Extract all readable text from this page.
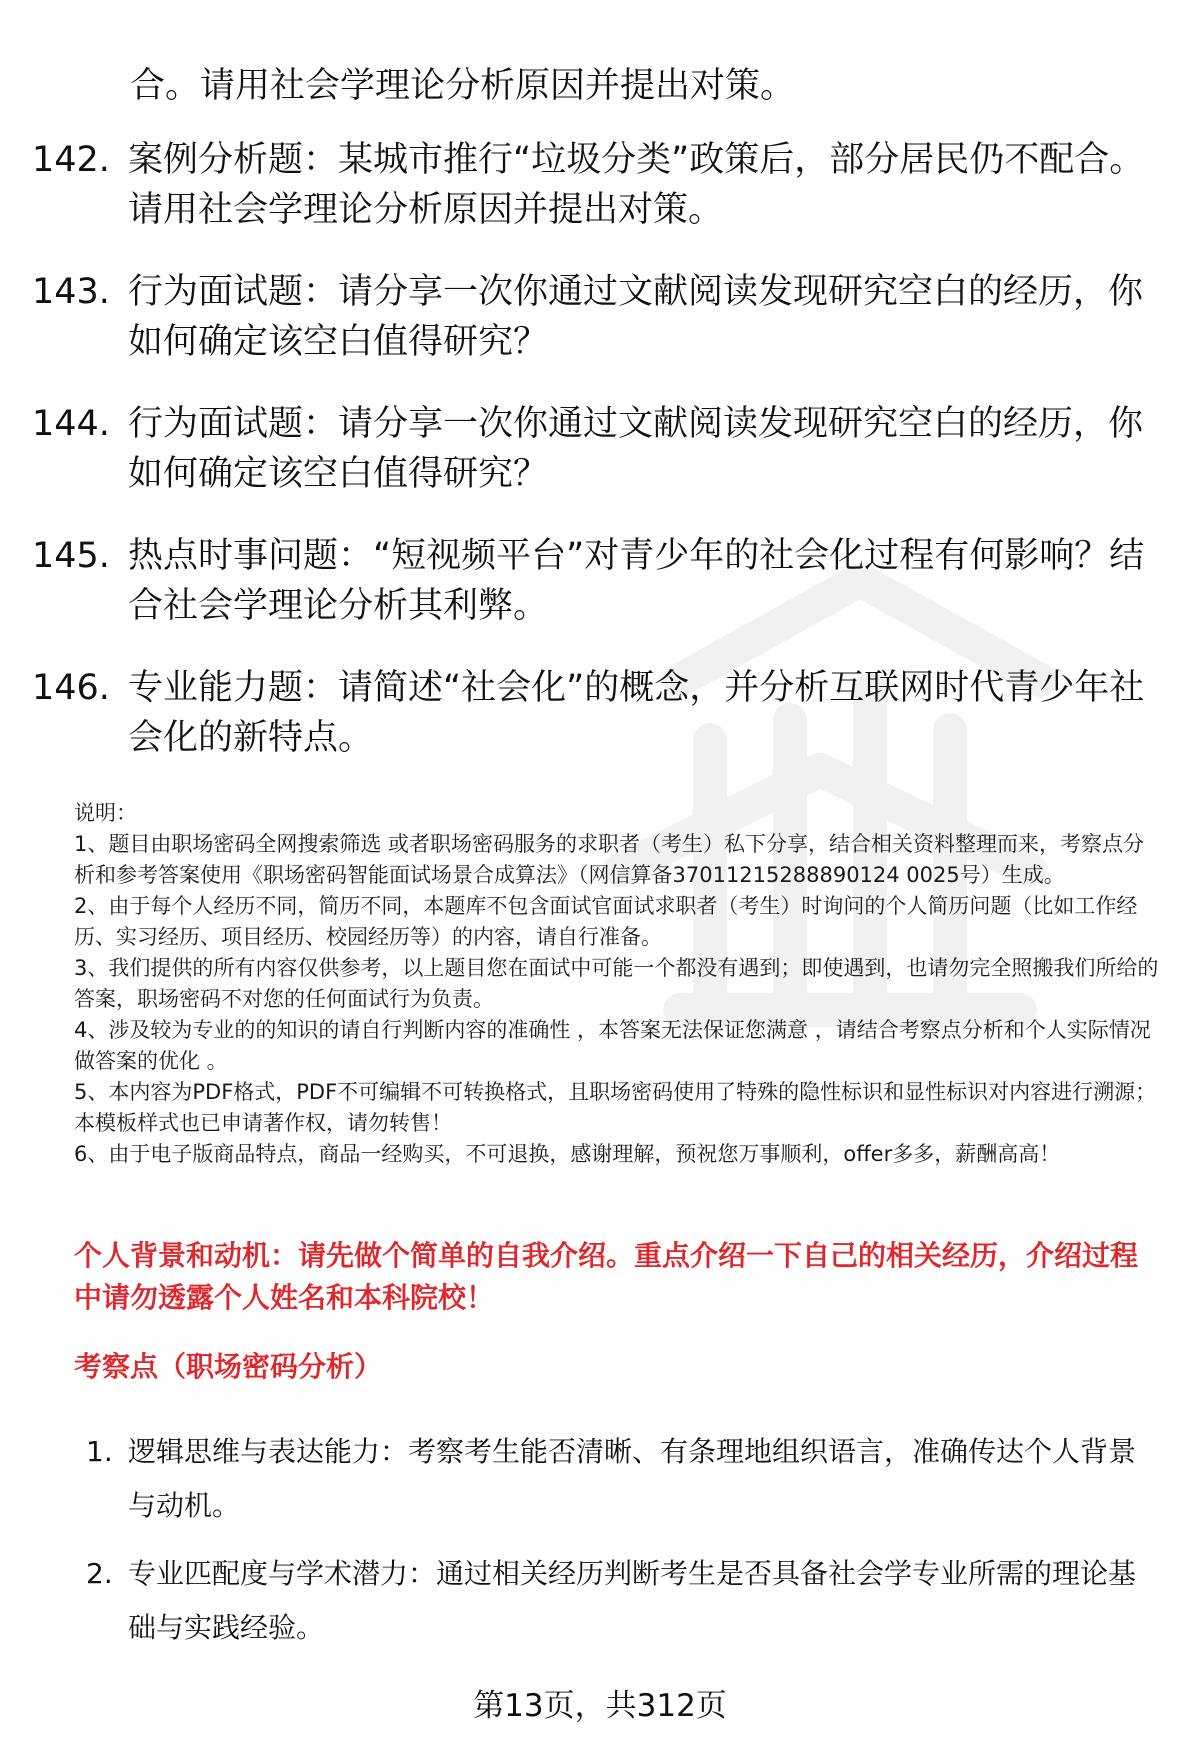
合。请用社会学理论分析原因并提出对策。

142. 案例分析题：某城市推行“垃圾分类”政策后，部分居民仍不配合。请用社会学理论分析原因并提出对策。

143. 行为面试题：请分享一次你通过文献阅读发现研究空白的经历，你如何确定该空白值得研究？

144. 行为面试题：请分享一次你通过文献阅读发现研究空白的经历，你如何确定该空白值得研究？

145. 热点时事问题：“短视频平台”对青少年的社会化过程有何影响？结合社会学理论分析其利弊。

146. 专业能力题：请简述“社会化”的概念，并分析互联网时代青少年社会化的新特点。

说明：

1、题目由职场密码全网搜索筛选 或者职场密码服务的求职者（考生）私下分享，结合相关资料整理而来，考察点分析和参考答案使用《职场密码智能面试场景合成算法》（网信算备37011215288890124 0025号）生成。

2、由于每个人经历不同，简历不同，本题库不包含面试官面试求职者（考生）时询问的个人简历问题（比如工作经历、实习经历、项目经历、校园经历等）的内容，请自行准备。

3、我们提供的所有内容仅供参考，以上题目您在面试中可能一个都没有遇到；即使遇到，也请勿完全照搬我们所给的答案，职场密码不对您的任何面试行为负责。

4、涉及较为专业的的知识的请自行判断内容的准确性 ，本答案无法保证您满意 ，请结合考察点分析和个人实际情况做答案的优化 。

5、本内容为PDF格式，PDF不可编辑不可转换格式，且职场密码使用了特殊的隐性标识和显性标识对内容进行溯源；本模板样式也已申请著作权，请勿转售！

6、由于电子版商品特点，商品一经购买，不可退换，感谢理解，预祝您万事顺利，offer多多，薪酬高高！

个人背景和动机：请先做个简单的自我介绍。重点介绍一下自己的相关经历，介绍过程中请勿透露个人姓名和本科院校！

考察点（职场密码分析）

1. 逻辑思维与表达能力：考察考生能否清晰、有条理地组织语言，准确传达个人背景与动机。

2. 专业匹配度与学术潜力：通过相关经历判断考生是否具备社会学专业所需的理论基础与实践经验。

第13页，共312页
